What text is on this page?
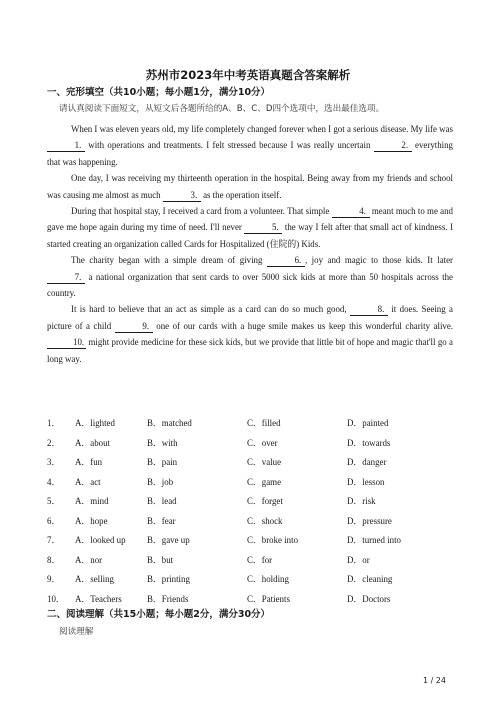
苏州市2023年中考英语真题含答案解析
一、完形填空（共10小题；每小题1分，满分10分）
请认真阅读下面短文，从短文后各题所给的A、B、C、D四个选项中，选出最佳选项。

When I was eleven years old, my life completely changed forever when I got a serious disease. My life was 1. with operations and treatments. I felt stressed because I was really uncertain	2. everything that was happening.

One day, I was receiving my thirteenth operation in the hospital. Being away from my friends and school was causing me almost as much	3. as the operation itself.

During that hospital stay, I received a card from a volunteer. That simple	4. meant much to me and gave me hope again during my time of need. I'll never	5. the way I felt after that small act of kindness. I started creating an organization called Cards for Hospitalized (住院的) Kids.

The charity began with a simple dream of giving	6. , joy and magic to those kids. It later 7. a national organization that sent cards to over 5000 sick kids at more than 50 hospitals across the country.

It is hard to believe that an act as simple as a card can do so much good,	8. it does. Seeing a picture of a child	9. one of our cards with a huge smile makes us keep this wonderful charity alive. 10. might provide medicine for these sick kids, but we provide that little bit of hope and magic that'll go a long way.

1．	A．lighted	B．matched	C．filled	D．painted
2．	A．about	B．with	C．over	D．towards
3．	A．fun	B．pain	C．value	D．danger
4．	A．act	B．job	C．game	D．lesson
5．	A．mind	B．lead	C．forget	D．risk
6．	A．hope	B．fear	C．shock	D．pressure
7．	A．looked up	B．gave up	C．broke into	D．turned into
8．	A．nor	B．but	C．for	D．or
9．	A．selling	B．printing	C．holding	D．cleaning
10．	A．Teachers	B．Friends	C．Patients	D．Doctors
二、阅读理解（共15小题；每小题2分，满分30分）
阅读理解
1 / 24
